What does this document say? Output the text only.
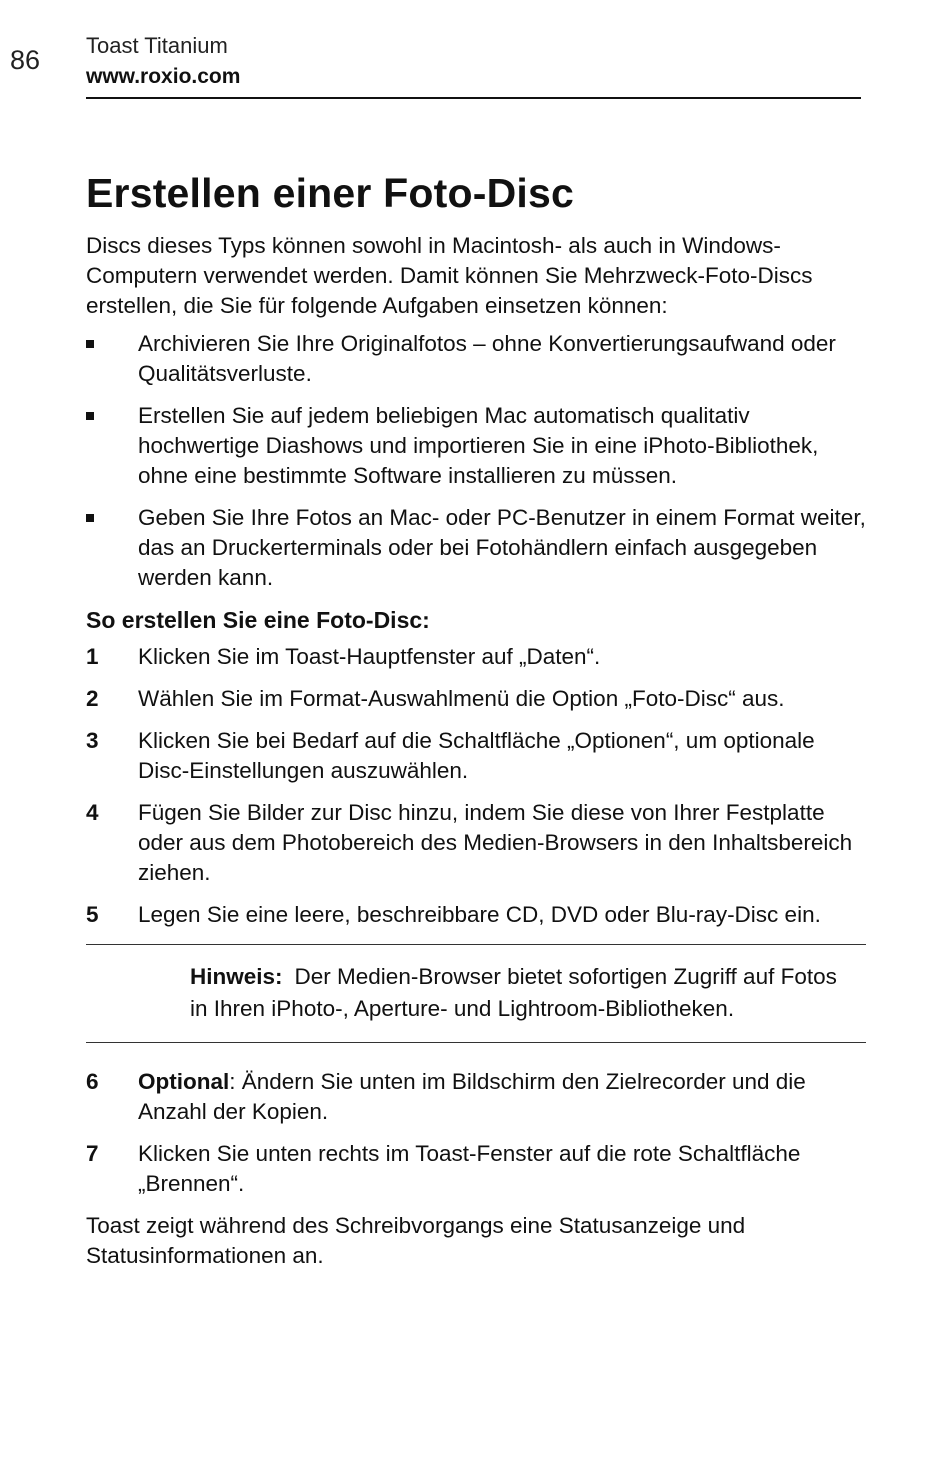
86 Toast Titanium
www.roxio.com
Erstellen einer Foto-Disc

Discs dieses Typs können sowohl in Macintosh- als auch in Windows-Computern verwendet werden. Damit können Sie Mehrzweck-Foto-Discs erstellen, die Sie für folgende Aufgaben einsetzen können:

Archivieren Sie Ihre Originalfotos – ohne Konvertierungsaufwand oder Qualitätsverluste.
Erstellen Sie auf jedem beliebigen Mac automatisch qualitativ hochwertige Diashows und importieren Sie in eine iPhoto-Bibliothek, ohne eine bestimmte Software installieren zu müssen.
Geben Sie Ihre Fotos an Mac- oder PC-Benutzer in einem Format weiter, das an Druckerterminals oder bei Fotohändlern einfach ausgegeben werden kann.
So erstellen Sie eine Foto-Disc:
1 Klicken Sie im Toast-Hauptfenster auf „Daten“.
2 Wählen Sie im Format-Auswahlmenü die Option „Foto-Disc“ aus.
3 Klicken Sie bei Bedarf auf die Schaltfläche „Optionen“, um optionale Disc-Einstellungen auszuwählen.
4 Fügen Sie Bilder zur Disc hinzu, indem Sie diese von Ihrer Festplatte oder aus dem Photobereich des Medien-Browsers in den Inhaltsbereich ziehen.
5 Legen Sie eine leere, beschreibbare CD, DVD oder Blu-ray-Disc ein.

Hinweis: Der Medien-Browser bietet sofortigen Zugriff auf Fotos in Ihren iPhoto-, Aperture- und Lightroom-Bibliotheken.

6 Optional: Ändern Sie unten im Bildschirm den Zielrecorder und die Anzahl der Kopien.
7 Klicken Sie unten rechts im Toast-Fenster auf die rote Schaltfläche „Brennen“.

Toast zeigt während des Schreibvorgangs eine Statusanzeige und Statusinformationen an.
